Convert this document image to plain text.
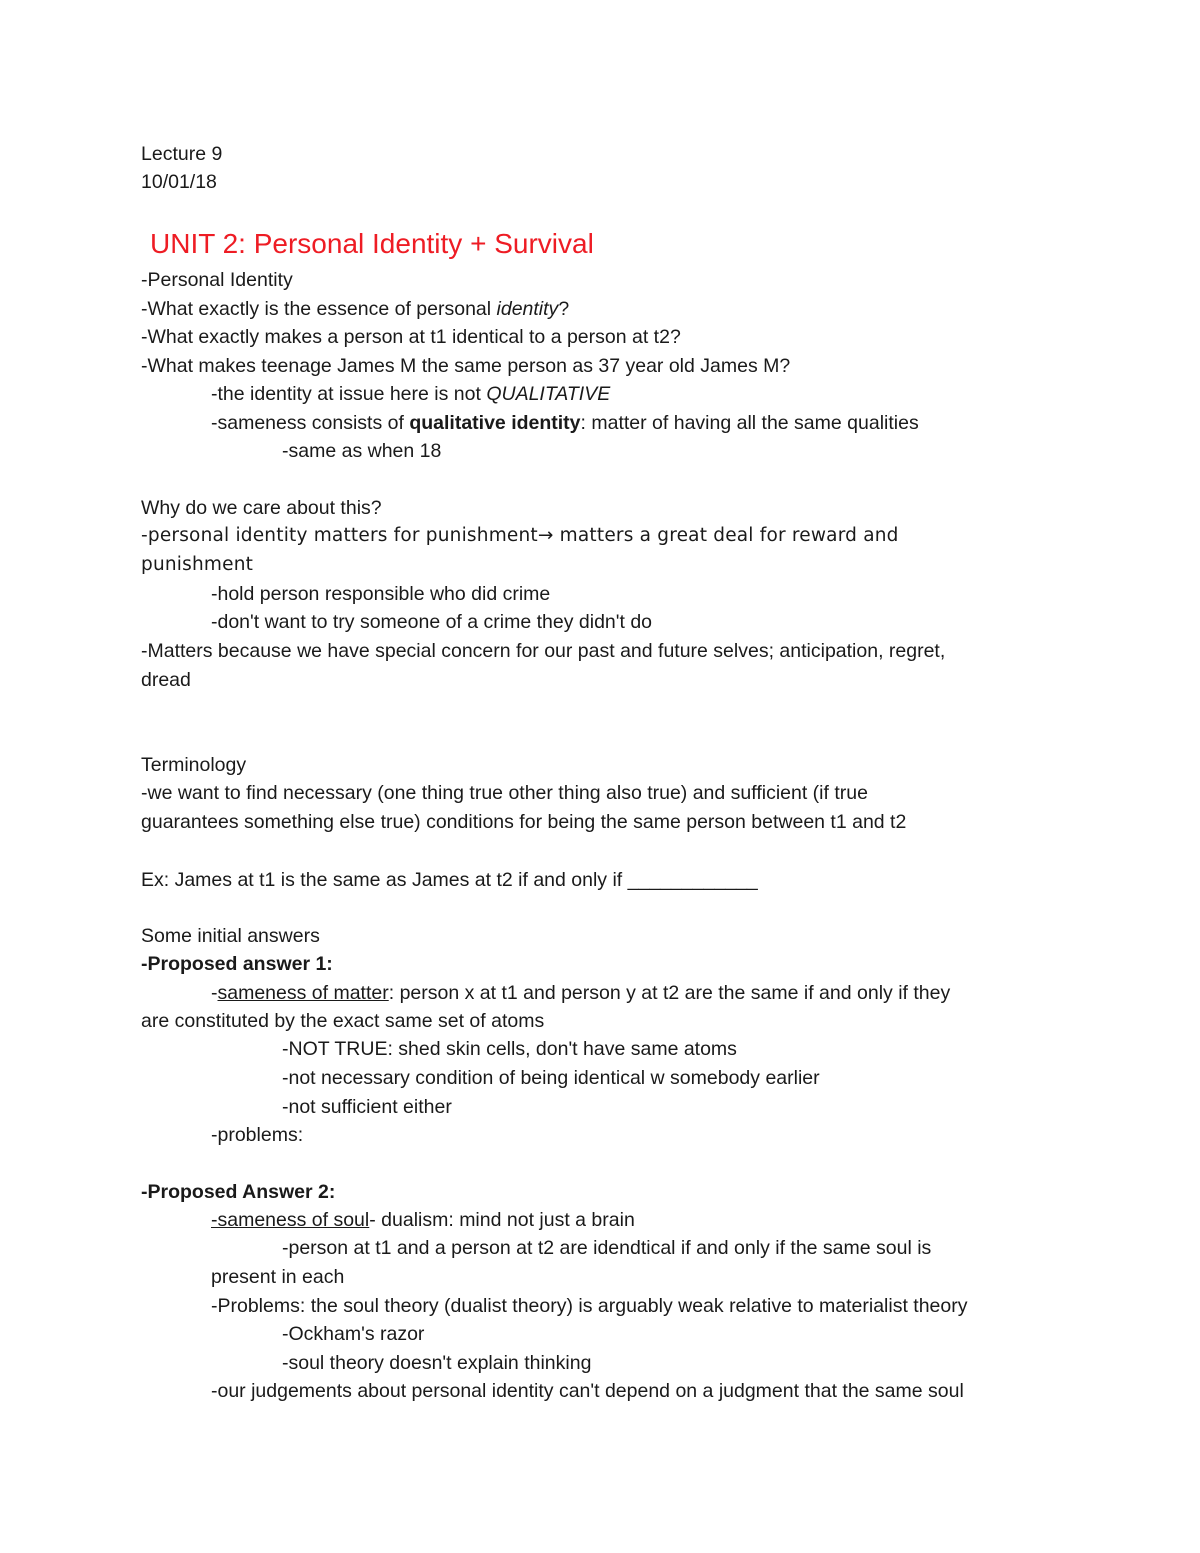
Lecture 9

10/01/18

UNIT 2: Personal Identity + Survival

-Personal Identity

-What exactly is the essence of personal identity?

-What exactly makes a person at t1 identical to a person at t2?

-What makes teenage James M the same person as 37 year old James M?

-the identity at issue here is not QUALITATIVE

-sameness consists of qualitative identity: matter of having all the same qualities

-same as when 18

Why do we care about this?

-personal identity matters for punishment→ matters a great deal for reward and

punishment

-hold person responsible who did crime

-don't want to try someone of a crime they didn't do

-Matters because we have special concern for our past and future selves; anticipation, regret,

dread

Terminology

-we want to find necessary (one thing true other thing also true) and sufficient (if true

guarantees something else true) conditions for being the same person between t1 and t2

Ex: James at t1 is the same as James at t2 if and only if ____________

Some initial answers

-Proposed answer 1:

-sameness of matter: person x at t1 and person y at t2 are the same if and only if they

are constituted by the exact same set of atoms

-NOT TRUE: shed skin cells, don't have same atoms

-not necessary condition of being identical w somebody earlier

-not sufficient either

-problems:

-Proposed Answer 2:

-sameness of soul- dualism: mind not just a brain

-person at t1 and a person at t2 are idendtical if and only if the same soul is

present in each

-Problems: the soul theory (dualist theory) is arguably weak relative to materialist theory

-Ockham's razor

-soul theory doesn't explain thinking

-our judgements about personal identity can't depend on a judgment that the same soul
